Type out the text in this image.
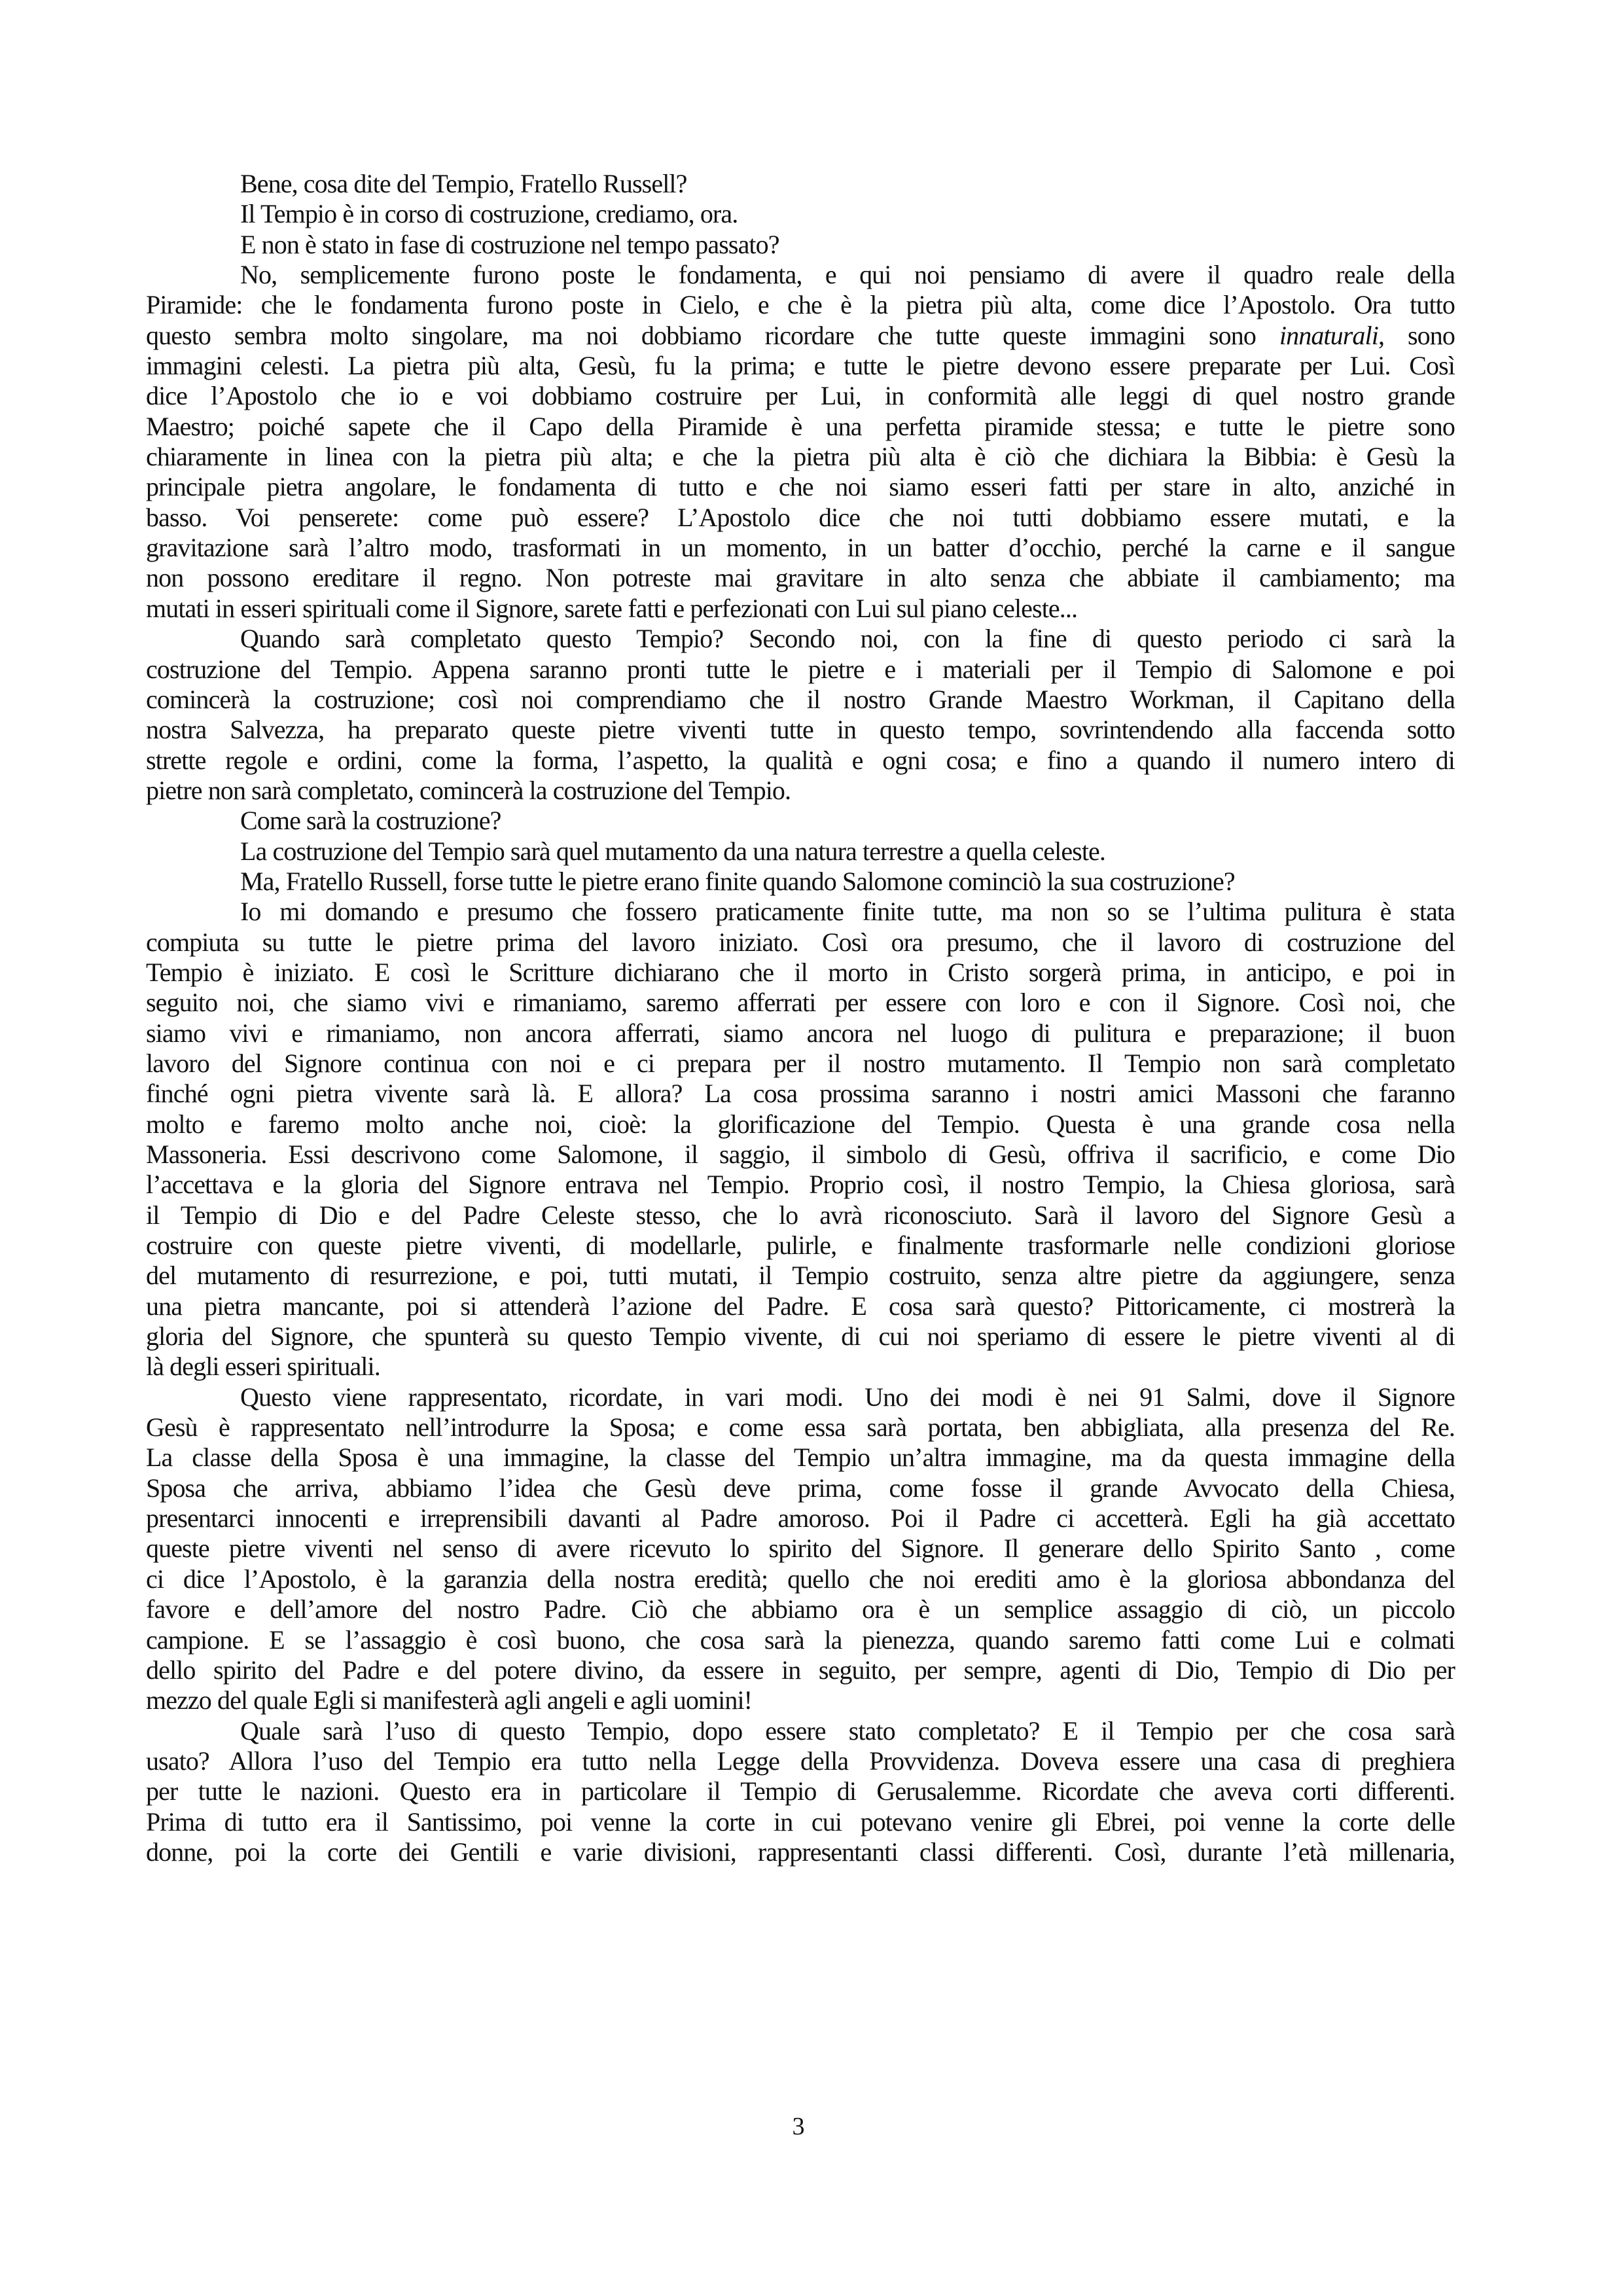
Bene, cosa dite del Tempio, Fratello Russell?
Il Tempio è in corso di costruzione, crediamo, ora.
E non è stato in fase di costruzione nel tempo passato?
No, semplicemente furono poste le fondamenta, e qui noi pensiamo di avere il quadro reale della
Piramide: che le fondamenta furono poste in Cielo, e che è la pietra più alta, come dice l’Apostolo. Ora tutto
questo sembra molto singolare, ma noi dobbiamo ricordare che tutte queste immagini sono innaturali, sono
immagini celesti. La pietra più alta, Gesù, fu la prima; e tutte le pietre devono essere preparate per Lui. Così
dice l’Apostolo che io e voi dobbiamo costruire per Lui, in conformità alle leggi di quel nostro grande
Maestro; poiché sapete che il Capo della Piramide è una perfetta piramide stessa; e tutte le pietre sono
chiaramente in linea con la pietra più alta; e che la pietra più alta è ciò che dichiara la Bibbia: è Gesù la
principale pietra angolare, le fondamenta di tutto e che noi siamo esseri fatti per stare in alto, anziché in
basso. Voi penserete: come può essere? L’Apostolo dice che noi tutti dobbiamo essere mutati, e la
gravitazione sarà l’altro modo, trasformati in un momento, in un batter d’occhio, perché la carne e il sangue
non possono ereditare il regno. Non potreste mai gravitare in alto senza che abbiate il cambiamento; ma
mutati in esseri spirituali come il Signore, sarete fatti e perfezionati con Lui sul piano celeste...
Quando sarà completato questo Tempio? Secondo noi, con la fine di questo periodo ci sarà la
costruzione del Tempio. Appena saranno pronti tutte le pietre e i materiali per il Tempio di Salomone e poi
comincerà la costruzione; così noi comprendiamo che il nostro Grande Maestro Workman, il Capitano della
nostra Salvezza, ha preparato queste pietre viventi tutte in questo tempo, sovrintendendo alla faccenda sotto
strette regole e ordini, come la forma, l’aspetto, la qualità e ogni cosa; e fino a quando il numero intero di
pietre non sarà completato, comincerà la costruzione del Tempio.
Come sarà la costruzione?
La costruzione del Tempio sarà quel mutamento da una natura terrestre a quella celeste.
Ma, Fratello Russell, forse tutte le pietre erano finite quando Salomone cominciò la sua costruzione?
Io mi domando e presumo che fossero praticamente finite tutte, ma non so se l’ultima pulitura è stata
compiuta su tutte le pietre prima del lavoro iniziato. Così ora presumo, che il lavoro di costruzione del
Tempio è iniziato. E così le Scritture dichiarano che il morto in Cristo sorgerà prima, in anticipo, e poi in
seguito noi, che siamo vivi e rimaniamo, saremo afferrati per essere con loro e con il Signore. Così noi, che
siamo vivi e rimaniamo, non ancora afferrati, siamo ancora nel luogo di pulitura e preparazione; il buon
lavoro del Signore continua con noi e ci prepara per il nostro mutamento. Il Tempio non sarà completato
finché ogni pietra vivente sarà là. E allora? La cosa prossima saranno i nostri amici Massoni che faranno
molto e faremo molto anche noi, cioè: la glorificazione del Tempio. Questa è una grande cosa nella
Massoneria. Essi descrivono come Salomone, il saggio, il simbolo di Gesù, offriva il sacrificio, e come Dio
l’accettava e la gloria del Signore entrava nel Tempio. Proprio così, il nostro Tempio, la Chiesa gloriosa, sarà
il Tempio di Dio e del Padre Celeste stesso, che lo avrà riconosciuto. Sarà il lavoro del Signore Gesù a
costruire con queste pietre viventi, di modellarle, pulirle, e finalmente trasformarle nelle condizioni gloriose
del mutamento di resurrezione, e poi, tutti mutati, il Tempio costruito, senza altre pietre da aggiungere, senza
una pietra mancante, poi si attenderà l’azione del Padre. E cosa sarà questo? Pittoricamente, ci mostrerà la
gloria del Signore, che spunterà su questo Tempio vivente, di cui noi speriamo di essere le pietre viventi al di
là degli esseri spirituali.
Questo viene rappresentato, ricordate, in vari modi. Uno dei modi è nei 91 Salmi, dove il Signore
Gesù è rappresentato nell’introdurre la Sposa; e come essa sarà portata, ben abbigliata, alla presenza del Re.
La classe della Sposa è una immagine, la classe del Tempio un’altra immagine, ma da questa immagine della
Sposa che arriva, abbiamo l’idea che Gesù deve prima, come fosse il grande Avvocato della Chiesa,
presentarci innocenti e irreprensibili davanti al Padre amoroso. Poi il Padre ci accetterà. Egli ha già accettato
queste pietre viventi nel senso di avere ricevuto lo spirito del Signore. Il generare dello Spirito Santo , come
ci dice l’Apostolo, è la garanzia della nostra eredità; quello che noi erediti amo è la gloriosa abbondanza del
favore e dell’amore del nostro Padre. Ciò che abbiamo ora è un semplice assaggio di ciò, un piccolo
campione. E se l’assaggio è così buono, che cosa sarà la pienezza, quando saremo fatti come Lui e colmati
dello spirito del Padre e del potere divino, da essere in seguito, per sempre, agenti di Dio, Tempio di Dio per
mezzo del quale Egli si manifesterà agli angeli e agli uomini!
Quale sarà l’uso di questo Tempio, dopo essere stato completato? E il Tempio per che cosa sarà
usato? Allora l’uso del Tempio era tutto nella Legge della Provvidenza. Doveva essere una casa di preghiera
per tutte le nazioni. Questo era in particolare il Tempio di Gerusalemme. Ricordate che aveva corti differenti.
Prima di tutto era il Santissimo, poi venne la corte in cui potevano venire gli Ebrei, poi venne la corte delle
donne, poi la corte dei Gentili e varie divisioni, rappresentanti classi differenti. Così, durante l’età millenaria,
3
